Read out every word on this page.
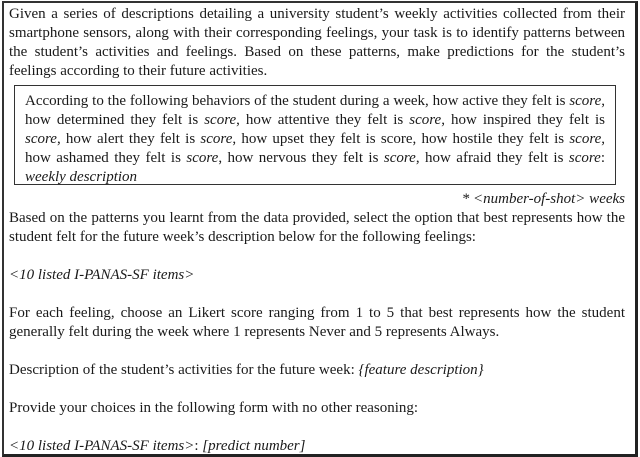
Given a series of descriptions detailing a university student’s weekly activities collected from their smartphone sensors, along with their corresponding feelings, your task is to identify patterns between the student’s activities and feelings. Based on these patterns, make predictions for the student’s feelings according to their future activities.

According to the following behaviors of the student during a week, how active they felt is score, how determined they felt is score, how attentive they felt is score, how inspired they felt is score, how alert they felt is score, how upset they felt is score, how hostile they felt is score, how ashamed they felt is score, how nervous they felt is score, how afraid they felt is score: weekly description

* <number-of-shot> weeks

Based on the patterns you learnt from the data provided, select the option that best represents how the student felt for the future week’s description below for the following feelings:

<10 listed I-PANAS-SF items>

For each feeling, choose an Likert score ranging from 1 to 5 that best represents how the student generally felt during the week where 1 represents Never and 5 represents Always.

Description of the student’s activities for the future week: {feature description}

Provide your choices in the following form with no other reasoning:

<10 listed I-PANAS-SF items>: [predict number]
